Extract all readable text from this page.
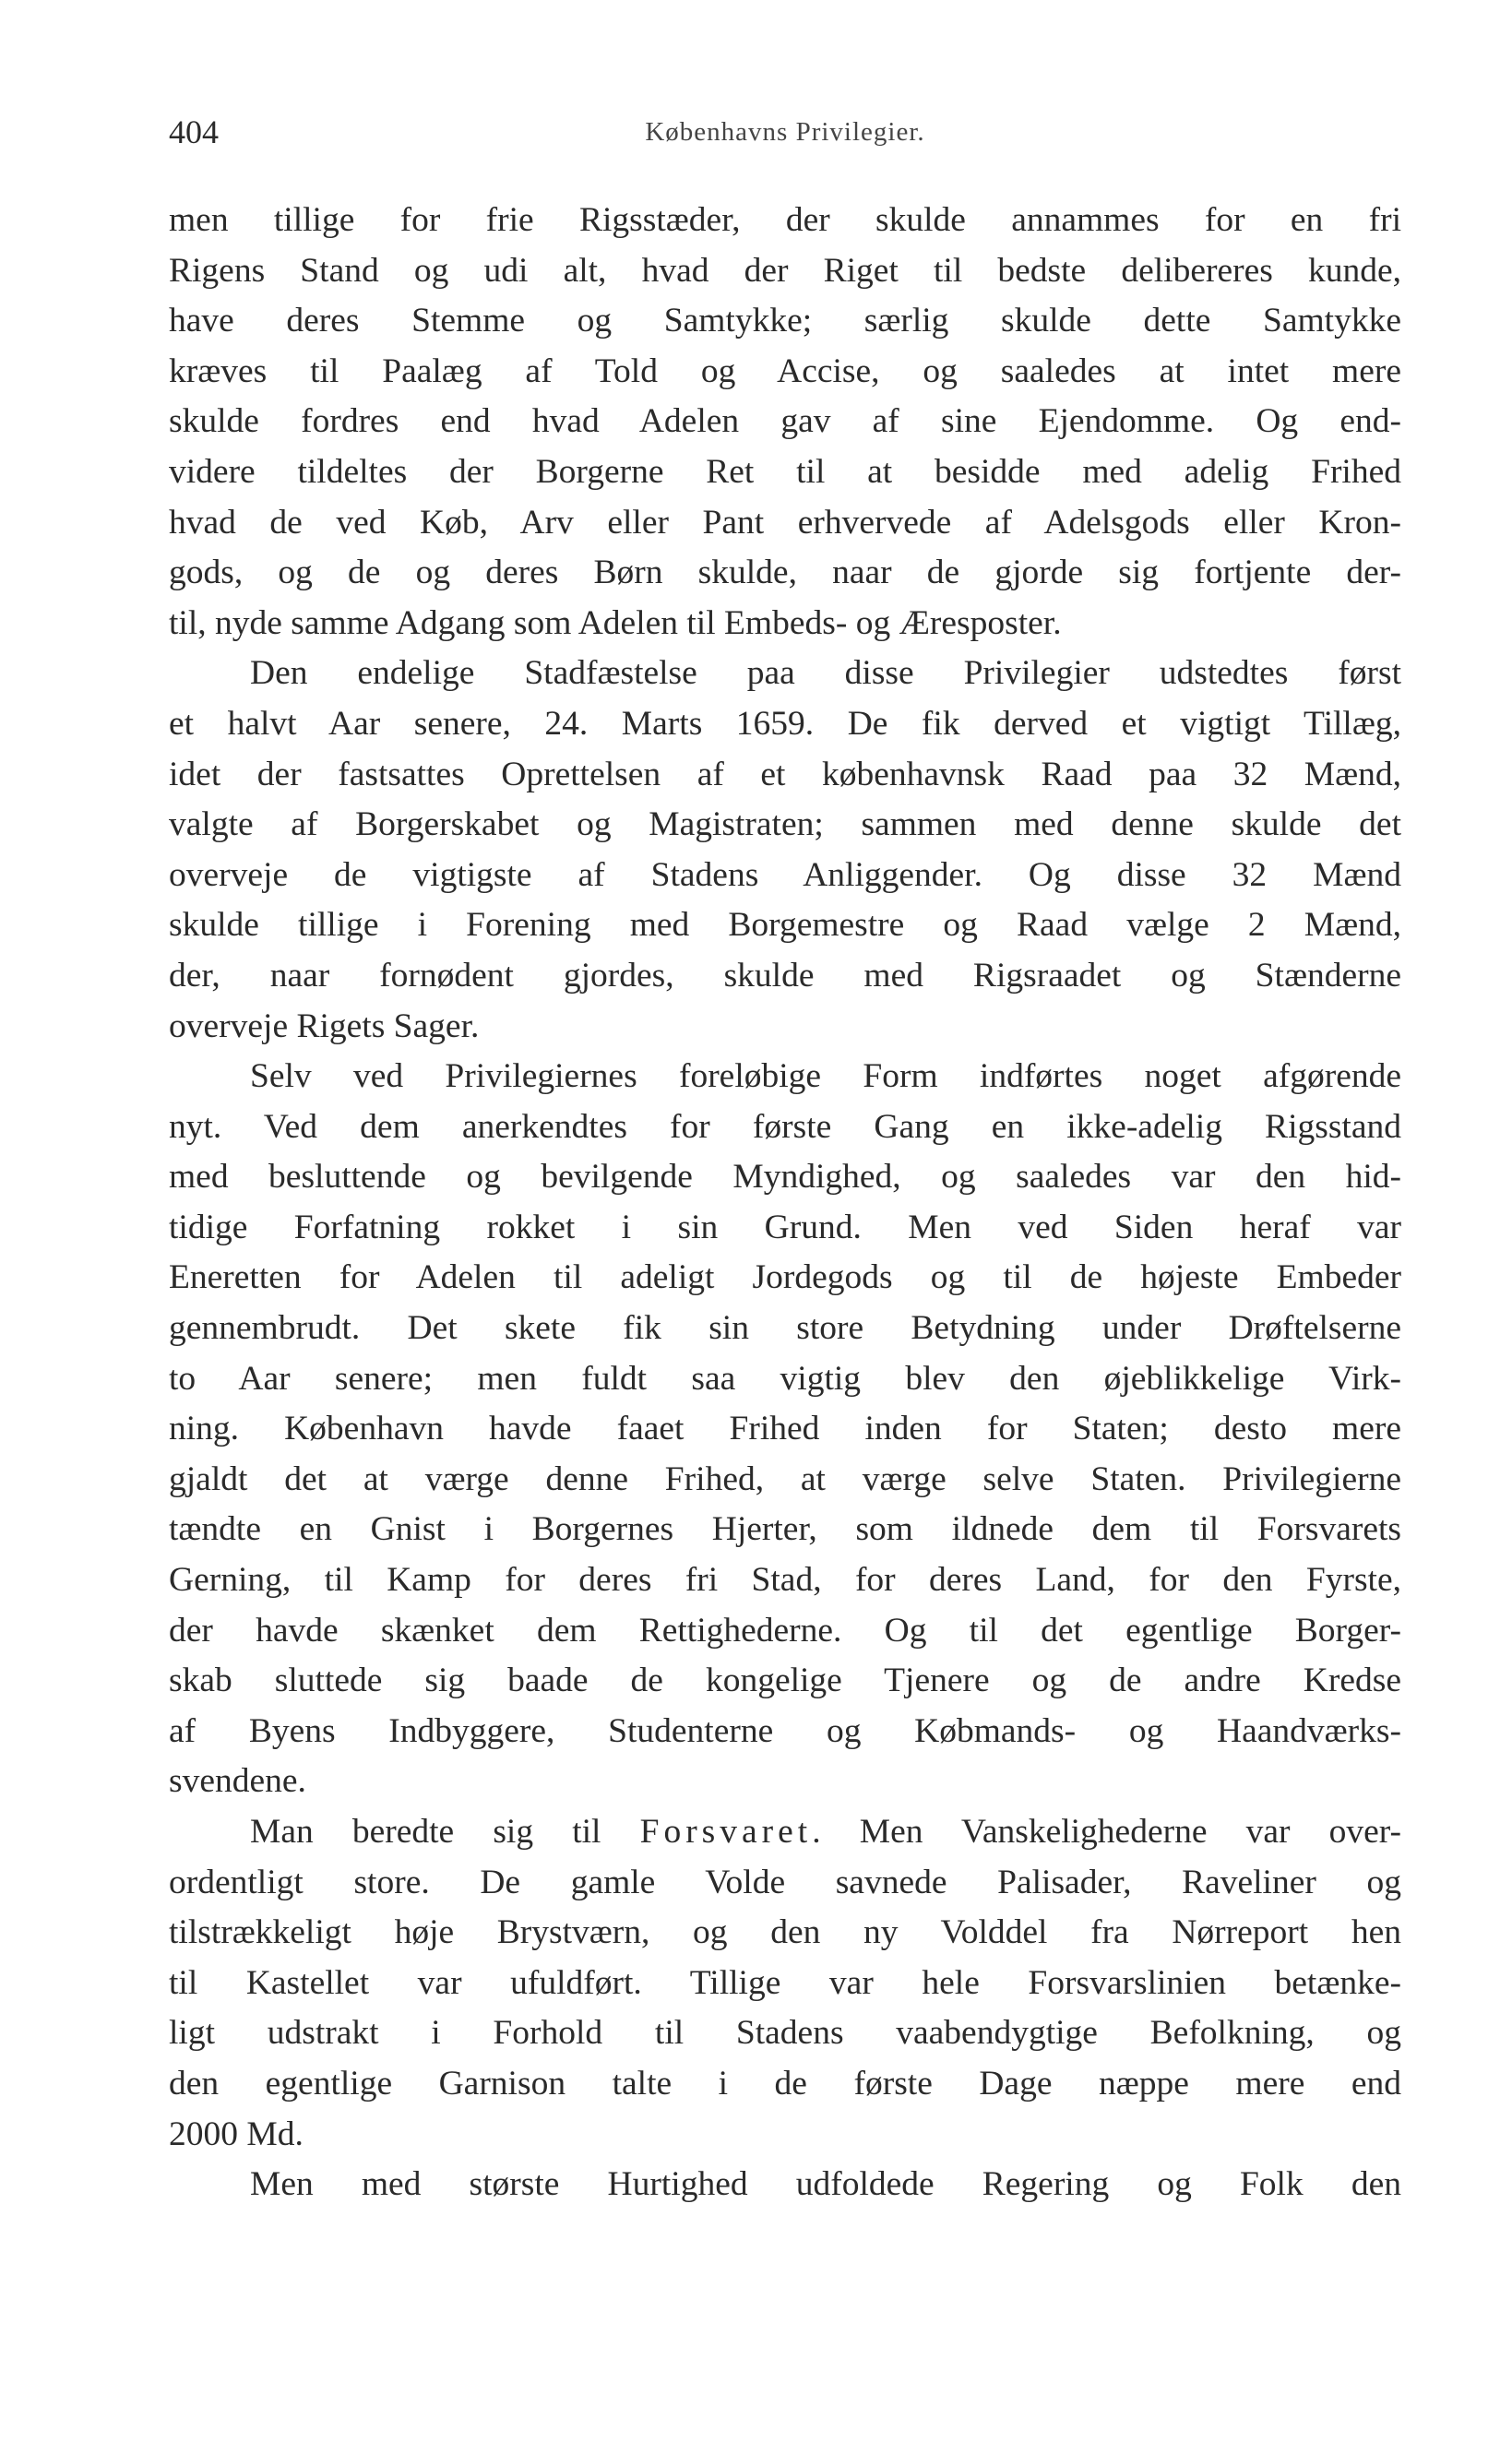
404	Københavns Privilegier.

men tillige for frie Rigsstæder, der skulde annammes for en fri
Rigens Stand og udi alt, hvad der Riget til bedste delibereres kunde,
have deres Stemme og Samtykke; særlig skulde dette Samtykke
kræves til Paalæg af Told og Accise, og saaledes at intet mere
skulde fordres end hvad Adelen gav af sine Ejendomme. Og end-
videre tildeltes der Borgerne Ret til at besidde med adelig Frihed
hvad de ved Køb, Arv eller Pant erhvervede af Adelsgods eller Kron-
gods, og de og deres Børn skulde, naar de gjorde sig fortjente der-
til, nyde samme Adgang som Adelen til Embeds- og Æresposter.

Den endelige Stadfæstelse paa disse Privilegier udstedtes først
et halvt Aar senere, 24. Marts 1659. De fik derved et vigtigt Tillæg,
idet der fastsattes Oprettelsen af et københavnsk Raad paa 32 Mænd,
valgte af Borgerskabet og Magistraten; sammen med denne skulde det
overveje de vigtigste af Stadens Anliggender. Og disse 32 Mænd
skulde tillige i Forening med Borgemestre og Raad vælge 2 Mænd,
der, naar fornødent gjordes, skulde med Rigsraadet og Stænderne
overveje Rigets Sager.

Selv ved Privilegiernes foreløbige Form indførtes noget afgørende
nyt. Ved dem anerkendtes for første Gang en ikke-adelig Rigsstand
med besluttende og bevilgende Myndighed, og saaledes var den hid-
tidige Forfatning rokket i sin Grund. Men ved Siden heraf var
Eneretten for Adelen til adeligt Jordegods og til de højeste Embeder
gennembrudt. Det skete fik sin store Betydning under Drøftelserne
to Aar senere; men fuldt saa vigtig blev den øjeblikkelige Virk-
ning. København havde faaet Frihed inden for Staten; desto mere
gjaldt det at værge denne Frihed, at værge selve Staten. Privilegierne
tændte en Gnist i Borgernes Hjerter, som ildnede dem til Forsvarets
Gerning, til Kamp for deres fri Stad, for deres Land, for den Fyrste,
der havde skænket dem Rettighederne. Og til det egentlige Borger-
skab sluttede sig baade de kongelige Tjenere og de andre Kredse
af Byens Indbyggere, Studenterne og Købmands- og Haandværks-
svendene.

Man beredte sig til Forsvaret. Men Vanskelighederne var over-
ordentligt store. De gamle Volde savnede Palisader, Raveliner og
tilstrækkeligt høje Brystværn, og den ny Volddel fra Nørreport hen
til Kastellet var ufuldført. Tillige var hele Forsvarslinien betænke-
ligt udstrakt i Forhold til Stadens vaabendygtige Befolkning, og
den egentlige Garnison talte i de første Dage næppe mere end
2000 Md.

Men med største Hurtighed udfoldede Regering og Folk den
